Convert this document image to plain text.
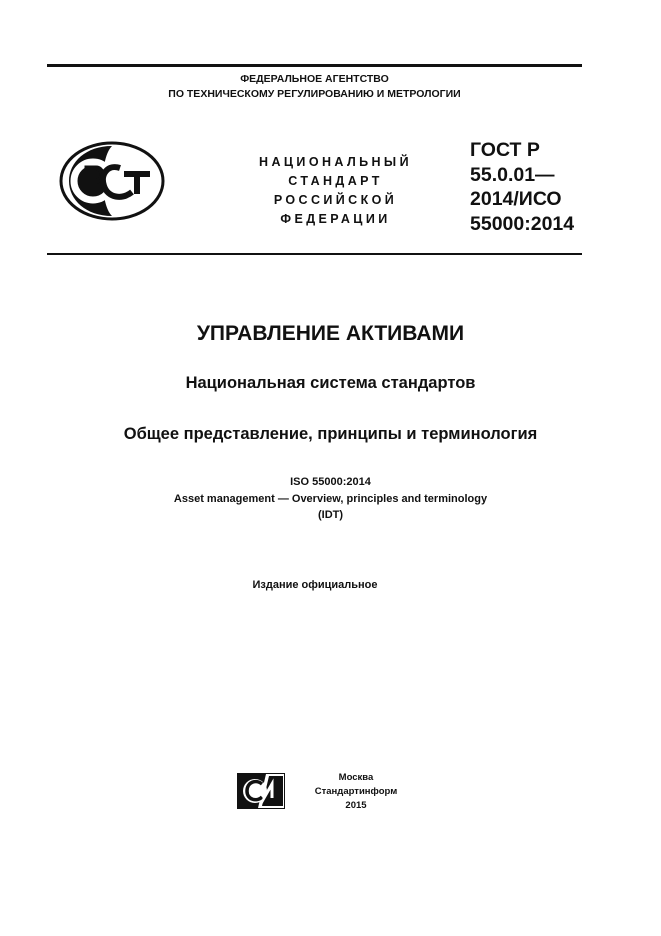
ФЕДЕРАЛЬНОЕ АГЕНТСТВО
ПО ТЕХНИЧЕСКОМУ РЕГУЛИРОВАНИЮ И МЕТРОЛОГИИ
НАЦИОНАЛЬНЫЙ
СТАНДАРТ
РОССИЙСКОЙ
ФЕДЕРАЦИИ
ГОСТ Р
55.0.01—
2014/ИСО
55000:2014
УПРАВЛЕНИЕ АКТИВАМИ
Национальная система стандартов
Общее представление, принципы и терминология
ISO 55000:2014
Asset management — Overview, principles and terminology
(IDT)
Издание официальное
Москва
Стандартинформ
2015
